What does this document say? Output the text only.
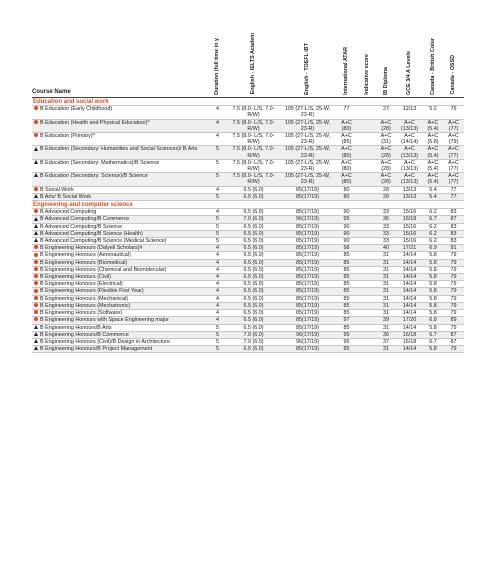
Course Name	Duration (full time in y	English - IELTS Academ	English - TOEFL iBT	International ATAR	Indicative score	IB Diploma	GCE 3/4 A Levels	Canada - British Colur	Canada - OSSD
Education and social work									
B Education (Early Childhood)	4	7.5 (8.0- L/S, 7.0-R/W)	105 (27-L/S, 25-W, 23-R)	77		27	12/13	5.2	76
B Education (Health and Physical Education)^	4	7.5 (8.0- L/S, 7.0-R/W)	105 (27-L/S, 25-W, 23-R)	A+C (80)		A+C (28)	A+C (13/13)	A+C (5.4)	A+C (77)
B Education (Primary)^	4	7.5 (8.0- L/S, 7.0-R/W)	105 (27-L/S, 25-W, 23-R)	A+C (85)		A+C (31)	A+C (14/14)	A+C (5.8)	A+C (79)
B Education (Secondary: Humanities and Social Sciences)/ B Arts	5	7.5 (8.0- L/S, 7.0-R/W)	105 (27-L/S, 25-W, 23-R)	A+C (80)		A+C (28)	A+C (13/13)	A+C (5.4)	A+C (77)
B Education (Secondary: Mathematics)/B Science	5	7.5 (8.0- L/S, 7.0-R/W)	105 (27-L/S, 25-W, 23-R)	A+C (80)		A+C (28)	A+C (13/13)	A+C (5.4)	A+C (77)
B Education (Secondary: Science)/B Science	5	7.5 (8.0- L/S, 7.0-R/W)	105 (27-L/S, 25-W, 23-R)	A+C (80)		A+C (28)	A+C (13/13)	A+C (5.4)	A+C (77)
B Social Work	4	6.5 (6.0)	85(17/19)	80		28	13/13	5.4	77
B Arts/ B Social Work	5	6.5 (6.0)	85(17/19)	80		28	13/13	5.4	77
Engineering and computer science									
B Advanced Computing	4	6.5 (6.0)	85(17/19)	90		33	15/16	6.2	83
B Advanced Computing/B Commerce	5	7.0 (6.0)	96(17/19)	95		36	16/18	6.7	87
B Advanced Computing/B Science	5	6.5 (6.0)	85(17/19)	90		33	15/16	6.2	83
B Advanced Computing/B Science (Health)	5	6.5 (6.0)	85(17/19)	90		33	15/16	6.2	83
B Advanced Computing/B Science (Medical Science)	5	6.5 (6.0)	85(17/19)	90		33	15/16	6.2	83
B Engineering Honours (Dalyell Scholars)#	4	6.5 (6.0)	85(17/19)	98		40	17/21	6.9	91
B Engineering Honours (Aeronautical)	4	6.5 (6.0)	85(17/19)	85		31	14/14	5.8	79
B Engineering Honours (Biomedical)	4	6.5 (6.0)	85(17/19)	85		31	14/14	5.8	79
B Engineering Honours (Chemical and Biomolecular)	4	6.5 (6.0)	85(17/19)	85		31	14/14	5.8	79
B Engineering Honours (Civil)	4	6.5 (6.0)	85(17/19)	85		31	14/14	5.8	79
B Engineering Honours (Electrical)	4	6.5 (6.0)	85(17/19)	85		31	14/14	5.8	79
B Engineering Honours (Flexible First Year)	4	6.5 (6.0)	85(17/19)	85		31	14/14	5.8	79
B Engineering Honours (Mechanical)	4	6.5 (6.0)	85(17/19)	85		31	14/14	5.8	79
B Engineering Honours (Mechatronic)	4	6.5 (6.0)	85(17/19)	85		31	14/14	5.8	79
B Engineering Honours (Software)	4	6.5 (6.0)	85(17/19)	85		31	14/14	5.8	79
B Engineering Honours with Space Engineering major	4	6.5 (6.0)	85(17/19)	97		39	17/20	6.8	89
B Engineering Honours/B Arts	5	6.5 (6.0)	85(17/19)	85		31	14/14	5.8	79
B Engineering Honours/B Commerce	5	7.0 (6.0)	96(17/19)	95		36	16/18	6.7	87
B Engineering Honours (Civil)/B Design in Architecture	5	7.0 (6.0)	96(17/19)	95		37	16/18	6.7	87
B Engineering Honours/B Project Management	5	6.5 (6.0)	85(17/19)	85		31	14/14	5.8	79
